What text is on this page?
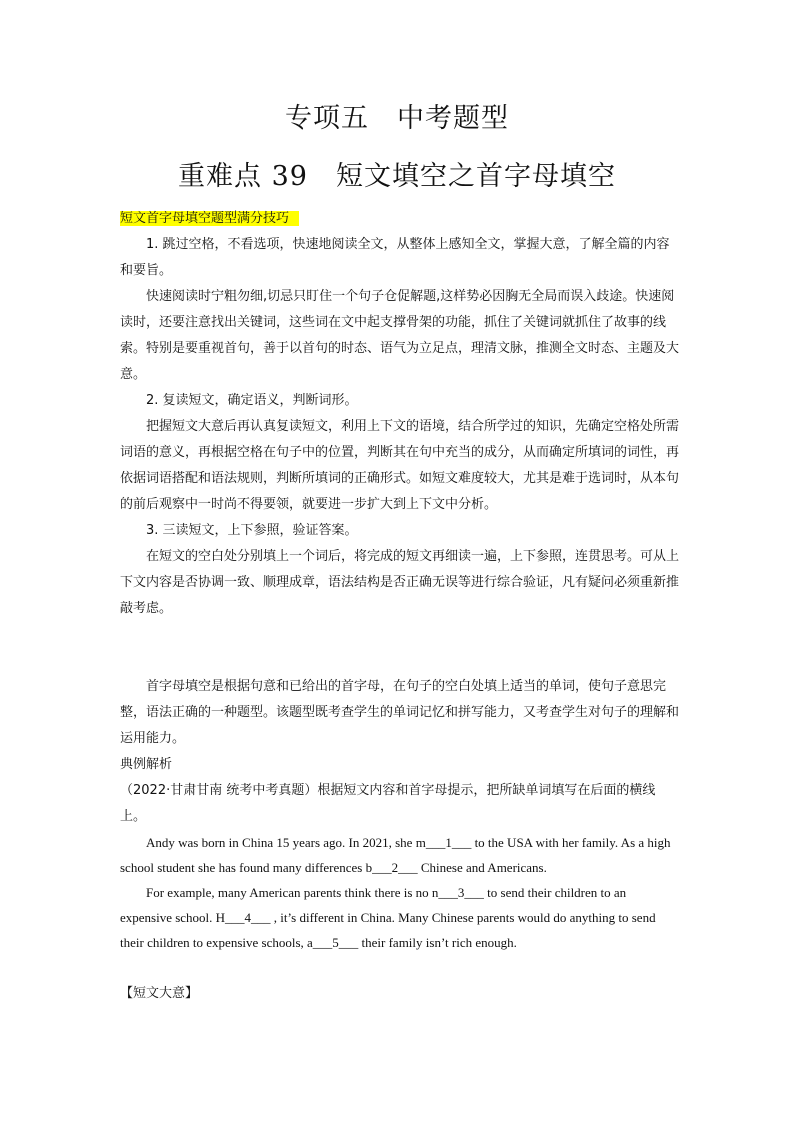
专项五　中考题型
重难点 39　短文填空之首字母填空

短文首字母填空题型满分技巧

1. 跳过空格，不看选项，快速地阅读全文，从整体上感知全文，掌握大意，了解全篇的内容和要旨。

快速阅读时宁粗勿细,切忌只盯住一个句子仓促解题,这样势必因胸无全局而误入歧途。快速阅读时，还要注意找出关键词，这些词在文中起支撑骨架的功能，抓住了关键词就抓住了故事的线索。特别是要重视首句，善于以首句的时态、语气为立足点，理清文脉，推测全文时态、主题及大意。

2. 复读短文，确定语义，判断词形。

把握短文大意后再认真复读短文，利用上下文的语境，结合所学过的知识，先确定空格处所需词语的意义，再根据空格在句子中的位置，判断其在句中充当的成分，从而确定所填词的词性，再依据词语搭配和语法规则，判断所填词的正确形式。如短文难度较大，尤其是难于选词时，从本句的前后观察中一时尚不得要领，就要进一步扩大到上下文中分析。

3. 三读短文，上下参照，验证答案。

在短文的空白处分别填上一个词后，将完成的短文再细读一遍，上下参照，连贯思考。可从上下文内容是否协调一致、顺理成章，语法结构是否正确无误等进行综合验证，凡有疑问必须重新推敲考虑。

首字母填空是根据句意和已给出的首字母，在句子的空白处填上适当的单词，使句子意思完整，语法正确的一种题型。该题型既考查学生的单词记忆和拼写能力，又考查学生对句子的理解和运用能力。

典例解析

（2022·甘肃甘南 统考中考真题）根据短文内容和首字母提示，把所缺单词填写在后面的横线上。

Andy was born in China 15 years ago. In 2021, she m___1___ to the USA with her family. As a high school student she has found many differences b___2___ Chinese and Americans.

For example, many American parents think there is no n___3___ to send their children to an expensive school. H___4___ , it’s different in China. Many Chinese parents would do anything to send their children to expensive schools, a___5___ their family isn’t rich enough.

【短文大意】
